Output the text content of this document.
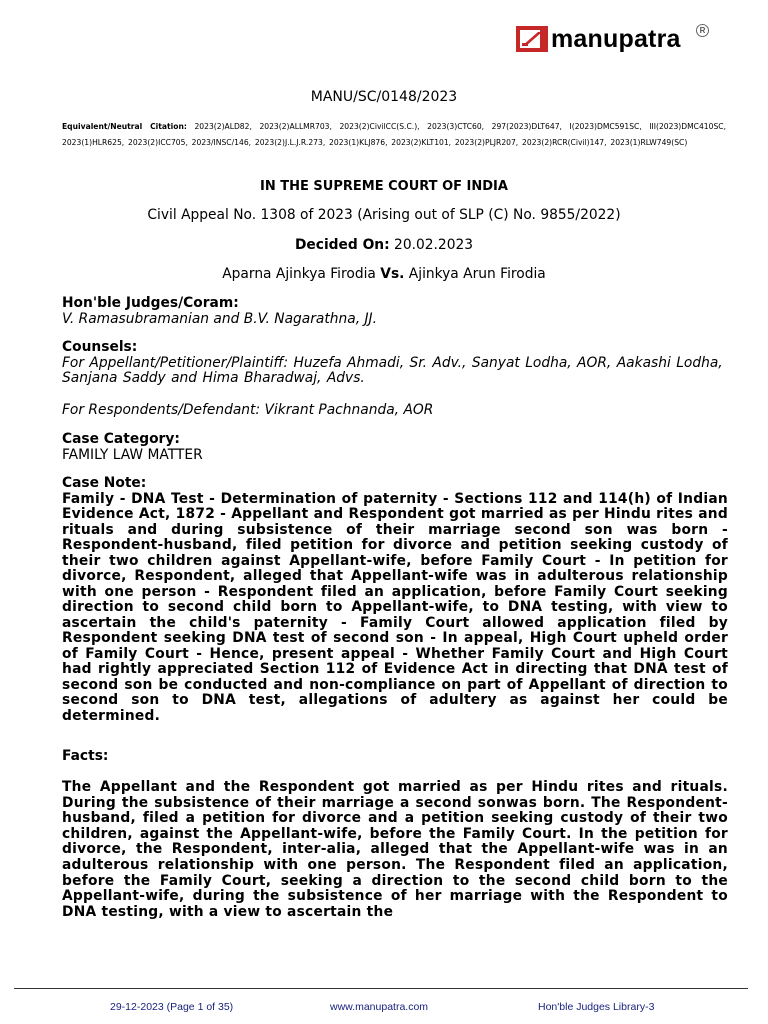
manupatra	R
MANU/SC/0148/2023
Equivalent/Neutral Citation: 2023(2)ALD82, 2023(2)ALLMR703, 2023(2)CivilCC(S.C.), 2023(3)CTC60, 297(2023)DLT647, I(2023)DMC591SC, III(2023)DMC410SC, 2023(1)HLR625, 2023(2)ICC705, 2023/INSC/146, 2023(2)J.L.J.R.273, 2023(1)KLJ876, 2023(2)KLT101, 2023(2)PLJR207, 2023(2)RCR(Civil)147, 2023(1)RLW749(SC)
IN THE SUPREME COURT OF INDIA
Civil Appeal No. 1308 of 2023 (Arising out of SLP (C) No. 9855/2022)
Decided On: 20.02.2023
Aparna Ajinkya Firodia Vs. Ajinkya Arun Firodia
Hon'ble Judges/Coram:
V. Ramasubramanian and B.V. Nagarathna, JJ.
Counsels:
For Appellant/Petitioner/Plaintiff: Huzefa Ahmadi, Sr. Adv., Sanyat Lodha, AOR, Aakashi Lodha, Sanjana Saddy and Hima Bharadwaj, Advs.
For Respondents/Defendant: Vikrant Pachnanda, AOR
Case Category:
FAMILY LAW MATTER
Case Note:
Family - DNA Test - Determination of paternity - Sections 112 and 114(h) of Indian Evidence Act, 1872 - Appellant and Respondent got married as per Hindu rites and rituals and during subsistence of their marriage second son was born - Respondent-husband, filed petition for divorce and petition seeking custody of their two children against Appellant-wife, before Family Court - In petition for divorce, Respondent, alleged that Appellant-wife was in adulterous relationship with one person - Respondent filed an application, before Family Court seeking direction to second child born to Appellant-wife, to DNA testing, with view to ascertain the child's paternity - Family Court allowed application filed by Respondent seeking DNA test of second son - In appeal, High Court upheld order of Family Court - Hence, present appeal - Whether Family Court and High Court had rightly appreciated Section 112 of Evidence Act in directing that DNA test of second son be conducted and non-compliance on part of Appellant of direction to second son to DNA test, allegations of adultery as against her could be determined.
Facts:
The Appellant and the Respondent got married as per Hindu rites and rituals. During the subsistence of their marriage a second sonwas born. The Respondent-husband, filed a petition for divorce and a petition seeking custody of their two children, against the Appellant-wife, before the Family Court. In the petition for divorce, the Respondent, inter-alia, alleged that the Appellant-wife was in an adulterous relationship with one person. The Respondent filed an application, before the Family Court, seeking a direction to the second child born to the Appellant-wife, during the subsistence of her marriage with the Respondent to DNA testing, with a view to ascertain the
29-12-2023 (Page 1 of 35)	www.manupatra.com	Hon'ble Judges Library-3
